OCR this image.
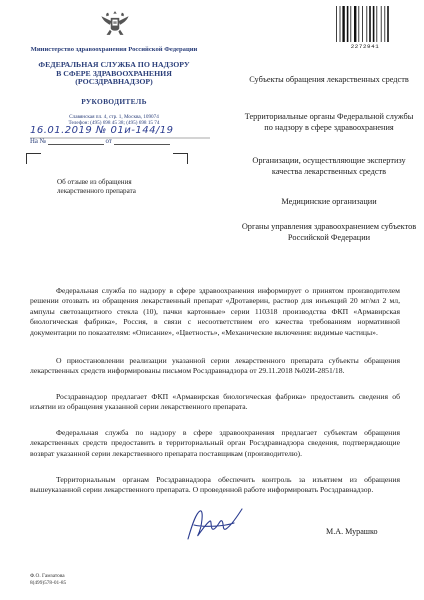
Министерство здравоохранения Российской Федерации
ФЕДЕРАЛЬНАЯ СЛУЖБА ПО НАДЗОРУ
В СФЕРЕ ЗДРАВООХРАНЕНИЯ
(РОСЗДРАВНАДЗОР)
РУКОВОДИТЕЛЬ
Славянская пл. 4, стр. 1, Москва, 109074
Телефон: (495) 698 45 38; (495) 698 15 74
16.01.2019 № 01и-144/19
На №	от
Об отзыве из обращения
лекарственного препарата
2272941
Субъекты обращения лекарственных средств
Территориальные органы Федеральной службы по надзору в сфере здравоохранения
Организации, осуществляющие экспертизу качества лекарственных средств
Медицинские организации
Органы управления здравоохранением субъектов Российской Федерации

Федеральная служба по надзору в сфере здравоохранения информирует о принятом производителем решении отозвать из обращения лекарственный препарат «Дротаверин, раствор для инъекций 20 мг/мл 2 мл, ампулы светозащитного стекла (10), пачки картонные» серии 110318 производства ФКП «Армавирская биологическая фабрика», Россия, в связи с несоответствием его качества требованиям нормативной документации по показателям: «Описание», «Цветность», «Механические включения: видимые частицы».

О приостановлении реализации указанной серии лекарственного препарата субъекты обращения лекарственных средств информированы письмом Росздравнадзора от 29.11.2018 №02И-2851/18.

Росздравнадзор предлагает ФКП «Армавирская биологическая фабрика» предоставить сведения об изъятии из обращения указанной серии лекарственного препарата.

Федеральная служба по надзору в сфере здравоохранения предлагает субъектам обращения лекарственных средств предоставить в территориальный орган Росздравнадзора сведения, подтверждающие возврат указанной серии лекарственного препарата поставщикам (производителю).

Территориальным органам Росздравнадзора обеспечить контроль за изъятием из обращения вышеуказанной серии лекарственного препарата. О проведенной работе информировать Росздравнадзор.

М.А. Мурашко
Ф.О. Гамзатова
8(499)578-01-85
